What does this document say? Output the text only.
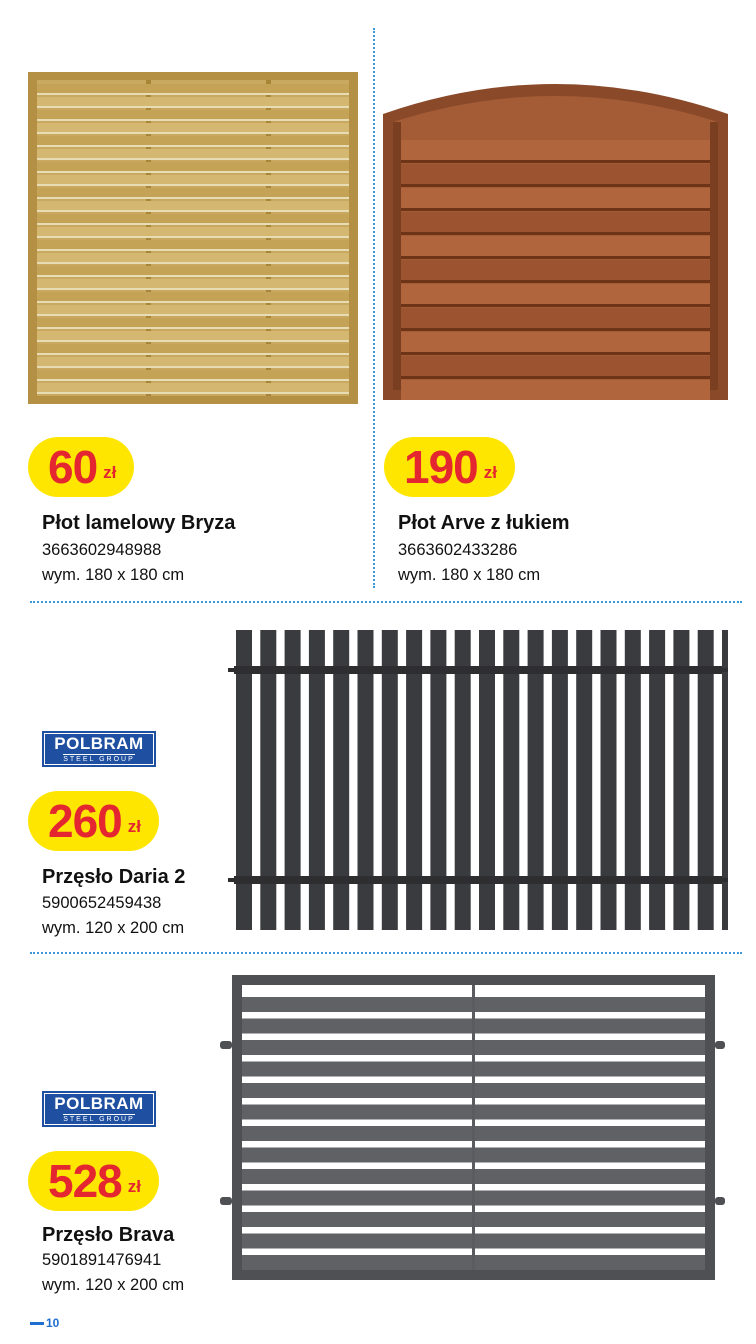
60 zł
Płot lamelowy Bryza
3663602948988
wym. 180 x 180 cm
190 zł
Płot Arve z łukiem
3663602433286
wym. 180 x 180 cm
POLBRAM
STEEL GROUP
260 zł
Przęsło Daria 2
5900652459438
wym. 120 x 200 cm
POLBRAM
STEEL GROUP
528 zł
Przęsło Brava
5901891476941
wym. 120 x 200 cm
10
